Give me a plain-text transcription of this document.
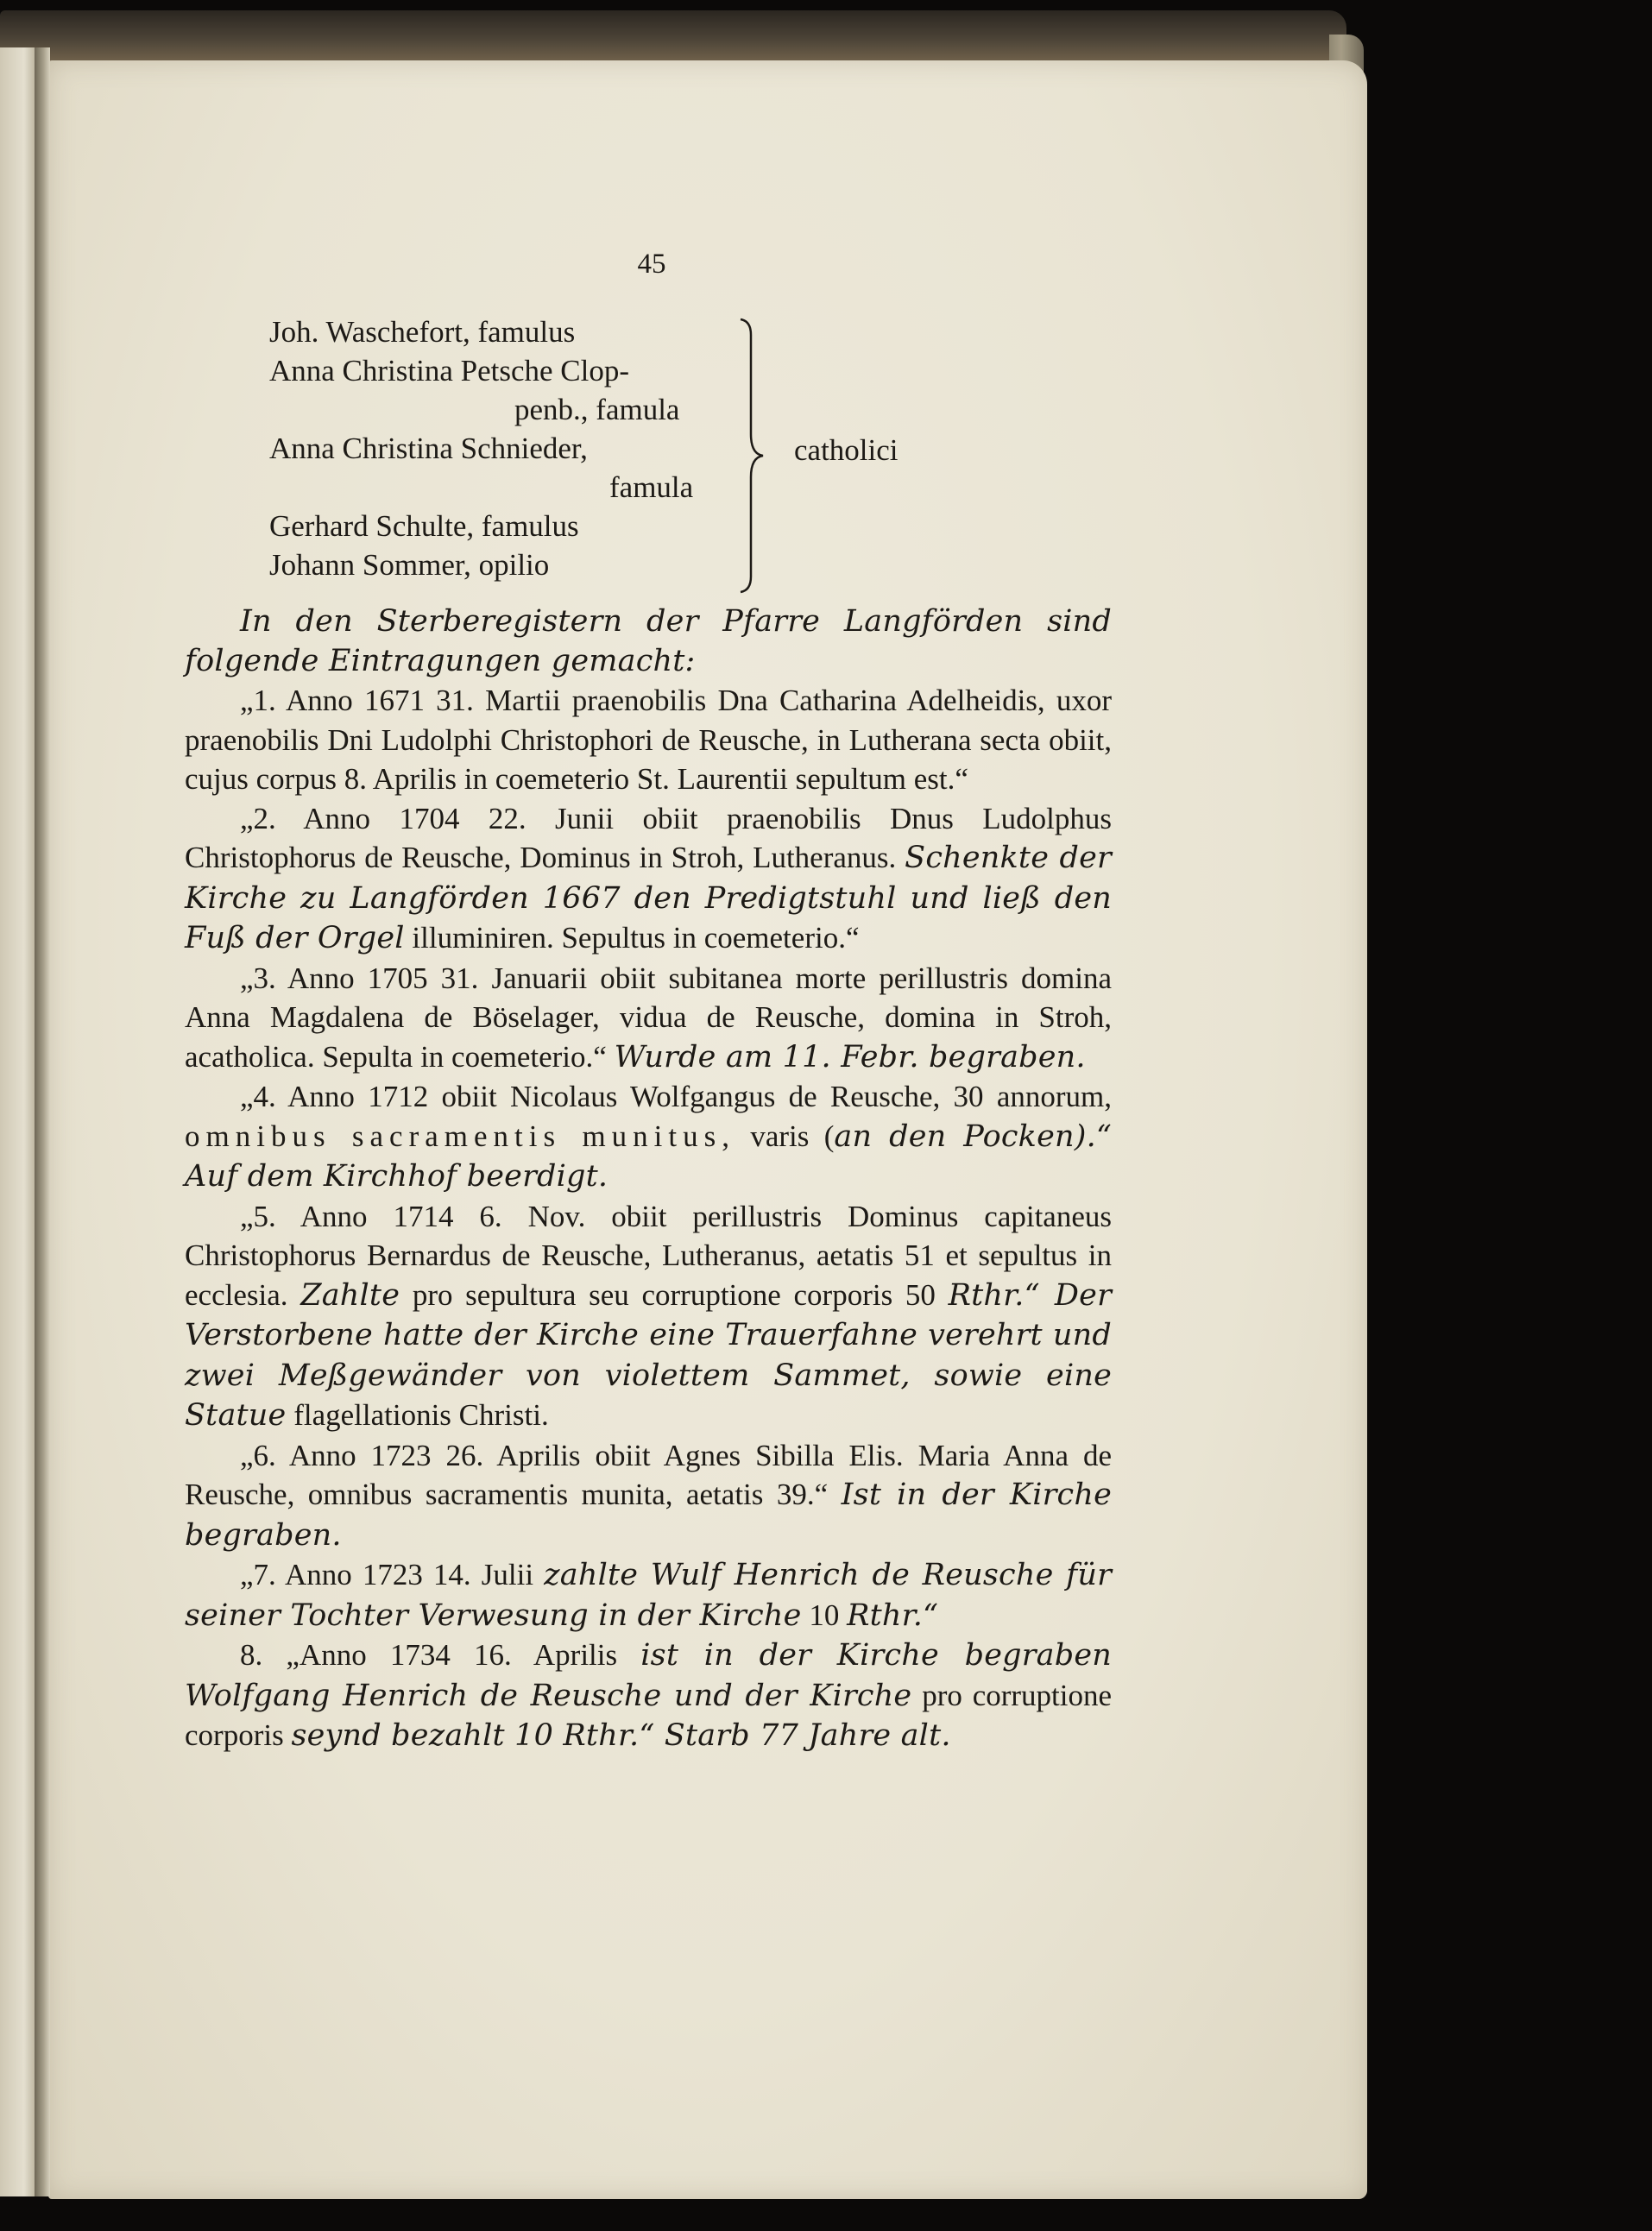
45
Joh. Waschefort, famulus
Anna Christina Petsche Clop-
penb., famula
Anna Christina Schnieder,
famula
Gerhard Schulte, famulus
Johann Sommer, opilio
catholici

In den Sterberegistern der Pfarre Langförden sind folgende Eintragungen gemacht:

„1. Anno 1671 31. Martii praenobilis Dna Catharina Adelheidis, uxor praenobilis Dni Ludolphi Christophori de Reusche, in Lutherana secta obiit, cujus corpus 8. Aprilis in coemeterio St. Laurentii sepultum est.“

„2. Anno 1704 22. Junii obiit praenobilis Dnus Ludolphus Christophorus de Reusche, Dominus in Stroh, Lutheranus. Schenkte der Kirche zu Langförden 1667 den Predigtstuhl und ließ den Fuß der Orgel illuminiren. Sepultus in coemeterio.“

„3. Anno 1705 31. Januarii obiit subitanea morte perillustris domina Anna Magdalena de Böselager, vidua de Reusche, domina in Stroh, acatholica. Sepulta in coemeterio.“ Wurde am 11. Febr. begraben.

„4. Anno 1712 obiit Nicolaus Wolfgangus de Reusche, 30 annorum, omnibus sacramentis munitus, varis (an den Pocken).“ Auf dem Kirchhof beerdigt.

„5. Anno 1714 6. Nov. obiit perillustris Dominus capitaneus Christophorus Bernardus de Reusche, Lutheranus, aetatis 51 et sepultus in ecclesia. Zahlte pro sepultura seu corruptione corporis 50 Rthr.“ Der Verstorbene hatte der Kirche eine Trauerfahne verehrt und zwei Meßgewänder von violettem Sammet, sowie eine Statue flagellationis Christi.

„6. Anno 1723 26. Aprilis obiit Agnes Sibilla Elis. Maria Anna de Reusche, omnibus sacramentis munita, aetatis 39.“ Ist in der Kirche begraben.

„7. Anno 1723 14. Julii zahlte Wulf Henrich de Reusche für seiner Tochter Verwesung in der Kirche 10 Rthr.“

8. „Anno 1734 16. Aprilis ist in der Kirche begraben Wolfgang Henrich de Reusche und der Kirche pro corruptione corporis seynd bezahlt 10 Rthr.“ Starb 77 Jahre alt.
